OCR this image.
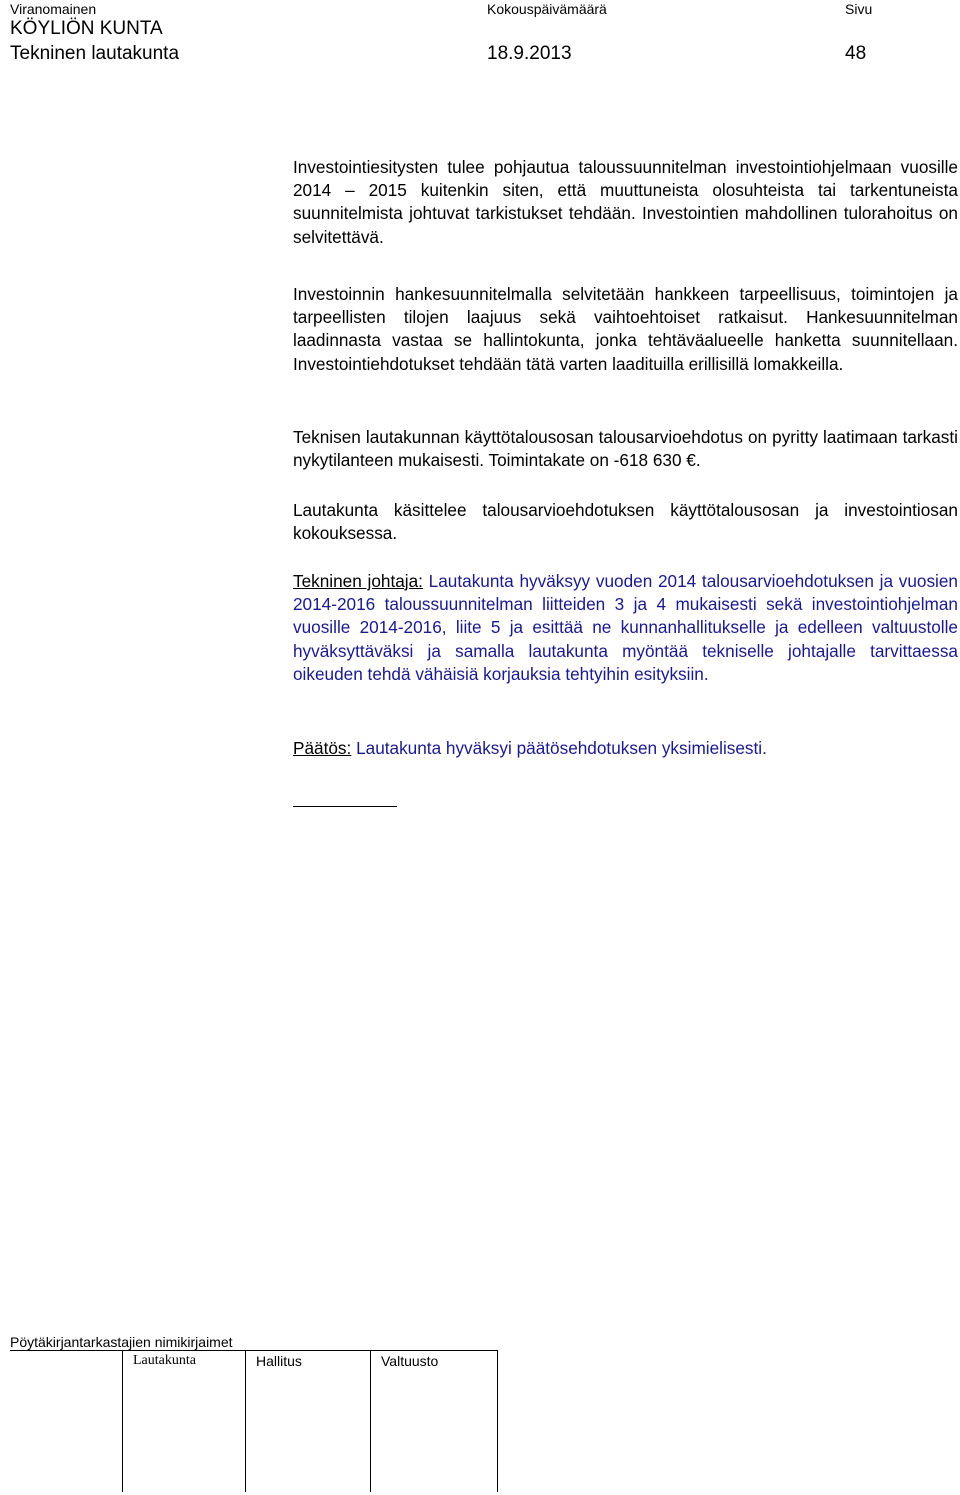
Viranomainen	Kokouspäivämäärä	Sivu
KÖYLIÖN KUNTA
Tekninen lautakunta	18.9.2013	48

Investointiesitysten tulee pohjautua taloussuunnitelman investointiohjelmaan vuosille 2014 – 2015 kuitenkin siten, että muuttuneista olosuhteista tai tarkentuneista suunnitelmista johtuvat tarkistukset tehdään. Investointien mahdollinen tulorahoitus on selvitettävä.

Investoinnin hankesuunnitelmalla selvitetään hankkeen tarpeellisuus, toimintojen ja tarpeellisten tilojen laajuus sekä vaihtoehtoiset ratkaisut. Hankesuunnitelman laadinnasta vastaa se hallintokunta, jonka tehtäväalueelle hanketta suunnitellaan. Investointiehdotukset tehdään tätä varten laadituilla erillisillä lomakkeilla.

Teknisen lautakunnan käyttötalousosan talousarvioehdotus on pyritty laatimaan tarkasti nykytilanteen mukaisesti. Toimintakate on -618 630 €.

Lautakunta käsittelee talousarvioehdotuksen käyttötalousosan ja investointiosan kokouksessa.

Tekninen johtaja: Lautakunta hyväksyy vuoden 2014 talousarvioehdotuksen ja vuosien 2014-2016 taloussuunnitelman liitteiden 3 ja 4 mukaisesti sekä investointiohjelman vuosille 2014-2016, liite 5 ja esittää ne kunnanhallitukselle ja edelleen valtuustolle hyväksyttäväksi ja samalla lautakunta myöntää tekniselle johtajalle tarvittaessa oikeuden tehdä vähäisiä korjauksia tehtyihin esityksiin.

Päätös: Lautakunta hyväksyi päätösehdotuksen yksimielisesti.

Pöytäkirjantarkastajien nimikirjaimet
Lautakunta	Hallitus	Valtuusto
